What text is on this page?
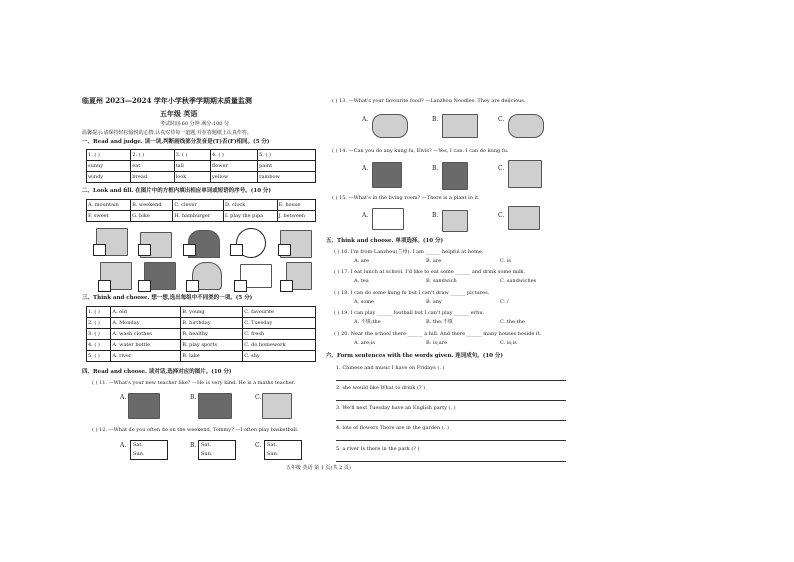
临夏州 2023—2024 学年小学秋季学期期末质量监测
五年级 英语
考试时间:60 分钟 满分:100 分
温馨提示:请保持轻松愉悦的心情,认真对待每一道题,并在答题纸上认真作答。
一、Read and judge. 读一读,判断画线部分发音是(T)否(F)相同。(5 分)
1. ( )	2. ( )	3. ( )	4. ( )	5. ( )
sunny	eat	tall	flower	paint
windy	bread	look	yellow	rainbow
二、Look and fill. 在图片中的方框内填出相应单词或短语的序号。(10 分)
A. mountain	B. weekend	C. clever	D. clock	E. house
F. sweet	G. bike	H. hamburger	I. play the pipa	J. between
三、Think and choose. 想一想,选出每组中不同类的一项。(5 分)
1. ( )	A. old	B. young	C. favourite
2. ( )	A. Monday	B. birthday	C. Tuesday
3. ( )	A. wash clothes	B. healthy	C. fresh
4. ( )	A. water bottle	B. play sports	C. do homework
5. ( )	A. river	B. lake	C. shy
四、Read and choose. 读对话,选择对应的图片。(10 分)
( ) 11. —What's your new teacher like? —He is very kind. He is a maths teacher.
A.	B.	C.
( ) 12. —What do you often do on the weekend, Tommy? —I often play basketball.
A. Sat.
Sun.
B. Sat.
Sun.
C. Sat.
Sun.
( ) 13. —What's your favourite food? —Lanzhou Noodles. They are delicious.
A.	B.	C.
( ) 14. —Can you do any kung fu, Elvis? —Yes, I can. I can do kung fu.
A.	B.	C.
( ) 15. —What's in the living room? —There is a plant in it.
A.	B.	C.
五、Think and choose. 单项选择。(10 分)
( ) 16. I'm from Lanzhou(兰州). I am ______ helpful at home.
A. are	B. are	C. is
( ) 17. I eat lunch at school. I'd like to eat some ______ and drink some milk.
A. tea	B. sandwich	C. sandwiches
( ) 18. I can do some kung fu but I can't draw ______ pictures.
A. some	B. any	C. /
( ) 19. I can play ______ football but I can't play ______ erhu.
A. 不填;the	B. the;不填	C. the;the
( ) 20. Near the school there ______ a hill. And there ______ many houses beside it.
A. are;is	B. is;are	C. is;is
六、Form sentences with the words given. 连词成句。(10 分)
1. Chinese and music I have on Fridays (. )
2. she would like What to drink (? )
3. We'll next Tuesday have an English party (. )
4. lots of flowers There are in the garden (. )
5. a river Is there in the park (? )
五年级 英语 第 1 页(共 2 页)
